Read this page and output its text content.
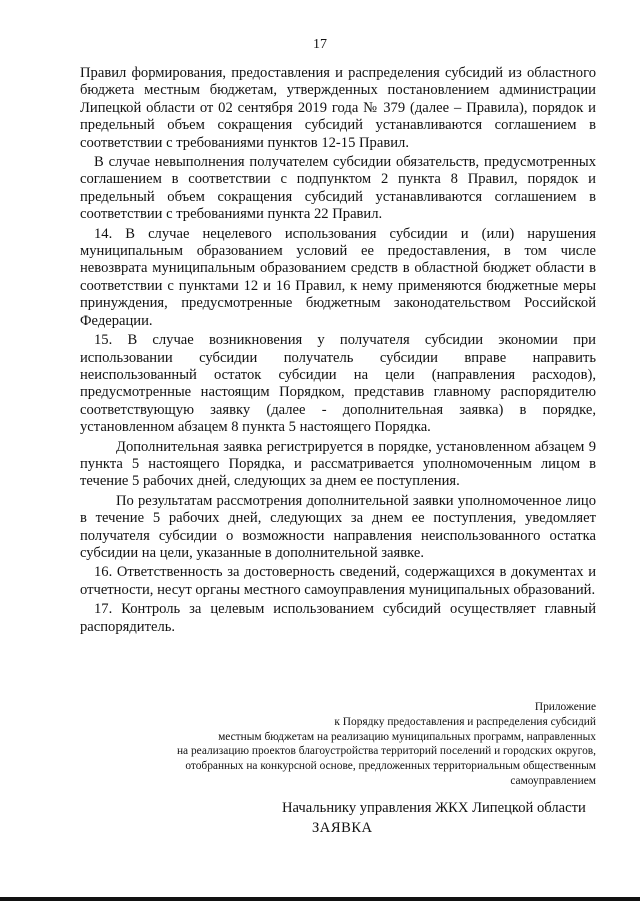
17

Правил формирования, предоставления и распределения субсидий из областного бюджета местным бюджетам, утвержденных постановлением администрации Липецкой области от 02 сентября 2019 года № 379 (далее – Правила), порядок и предельный объем сокращения субсидий устанавливаются соглашением в соответствии с требованиями пунктов 12-15 Правил.

В случае невыполнения получателем субсидии обязательств, предусмотренных соглашением в соответствии с подпунктом 2 пункта 8 Правил, порядок и предельный объем сокращения субсидий устанавливаются соглашением в соответствии с требованиями пункта 22 Правил.

14. В случае нецелевого использования субсидии и (или) нарушения муниципальным образованием условий ее предоставления, в том числе невозврата муниципальным образованием средств в областной бюджет области в соответствии с пунктами 12 и 16 Правил, к нему применяются бюджетные меры принуждения, предусмотренные бюджетным законодательством Российской Федерации.

15. В случае возникновения у получателя субсидии экономии при использовании субсидии получатель субсидии вправе направить неиспользованный остаток субсидии на цели (направления расходов), предусмотренные настоящим Порядком, представив главному распорядителю соответствующую заявку (далее - дополнительная заявка) в порядке, установленном абзацем 8 пункта 5 настоящего Порядка.

Дополнительная заявка регистрируется в порядке, установленном абзацем 9 пункта 5 настоящего Порядка, и рассматривается уполномоченным лицом в течение 5 рабочих дней, следующих за днем ее поступления.

По результатам рассмотрения дополнительной заявки уполномоченное лицо в течение 5 рабочих дней, следующих за днем ее поступления, уведомляет получателя субсидии о возможности направления неиспользованного остатка субсидии на цели, указанные в дополнительной заявке.

16. Ответственность за достоверность сведений, содержащихся в документах и отчетности, несут органы местного самоуправления муниципальных образований.

17. Контроль за целевым использованием субсидий осуществляет главный распорядитель.

Приложение
к Порядку предоставления и распределения субсидий
местным бюджетам на реализацию муниципальных программ, направленных
на реализацию проектов благоустройства территорий поселений и городских округов,
отобранных на конкурсной основе, предложенных территориальным общественным
самоуправлением
Начальнику управления ЖКХ Липецкой области
ЗАЯВКА
